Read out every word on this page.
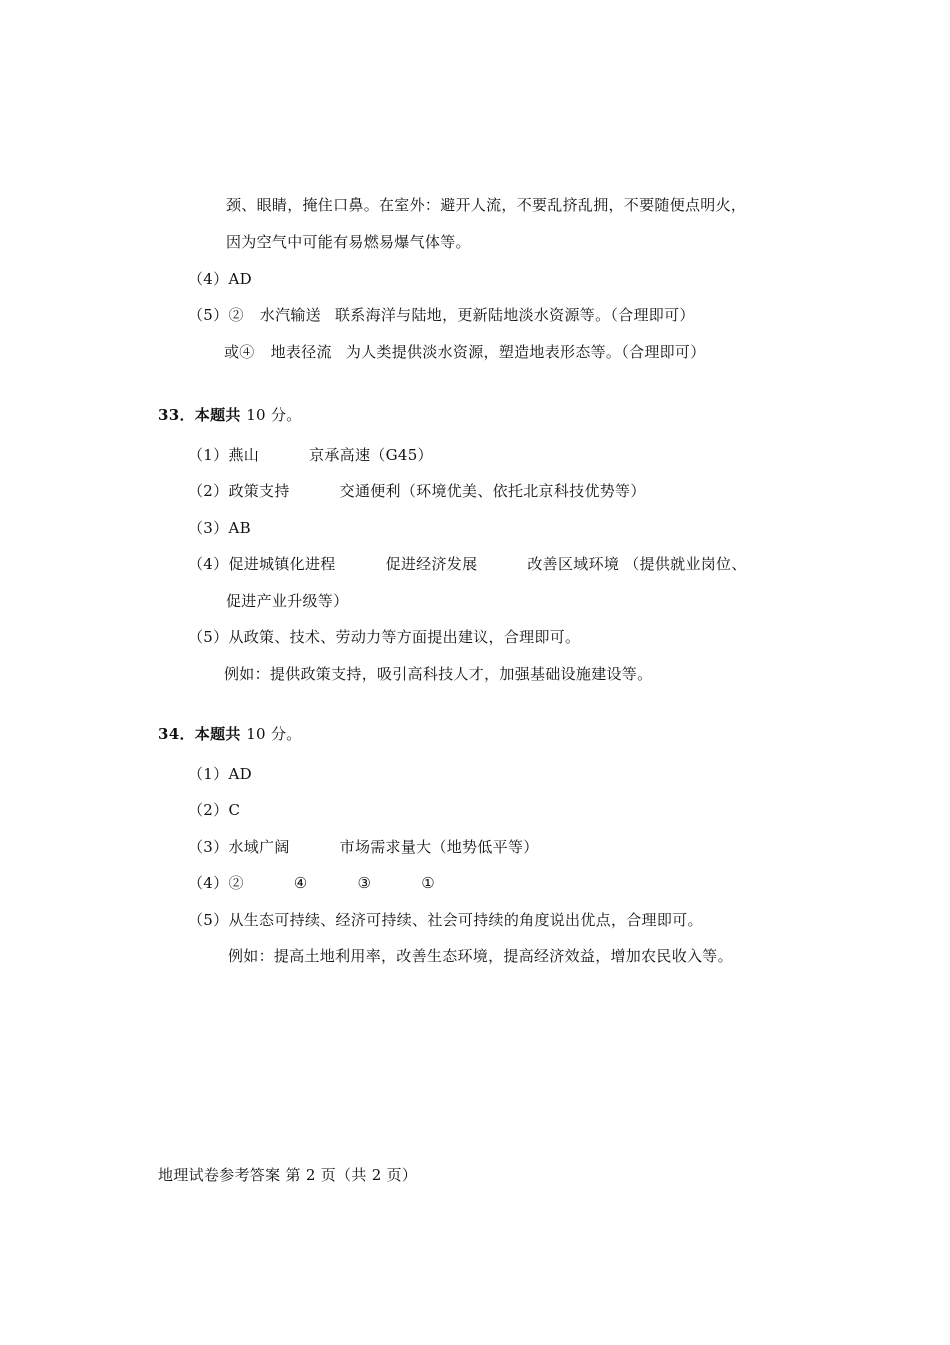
颈、眼睛，掩住口鼻。在室外：避开人流，不要乱挤乱拥，不要随便点明火，
因为空气中可能有易燃易爆气体等。
（4）AD
（5）② 水汽输送 联系海洋与陆地，更新陆地淡水资源等。（合理即可）
或④ 地表径流 为人类提供淡水资源，塑造地表形态等。（合理即可）
33．本题共 10 分。
（1）燕山	京承高速（G45）
（2）政策支持	交通便利（环境优美、依托北京科技优势等）
（3）AB
（4）促进城镇化进程	促进经济发展	改善区域环境 （提供就业岗位、
促进产业升级等）
（5）从政策、技术、劳动力等方面提出建议，合理即可。
例如：提供政策支持，吸引高科技人才，加强基础设施建设等。
34．本题共 10 分。
（1）AD
（2）C
（3）水域广阔	市场需求量大（地势低平等）
（4）②	④	③	①
（5）从生态可持续、经济可持续、社会可持续的角度说出优点，合理即可。
例如：提高土地利用率，改善生态环境，提高经济效益，增加农民收入等。
地理试卷参考答案 第 2 页（共 2 页）
